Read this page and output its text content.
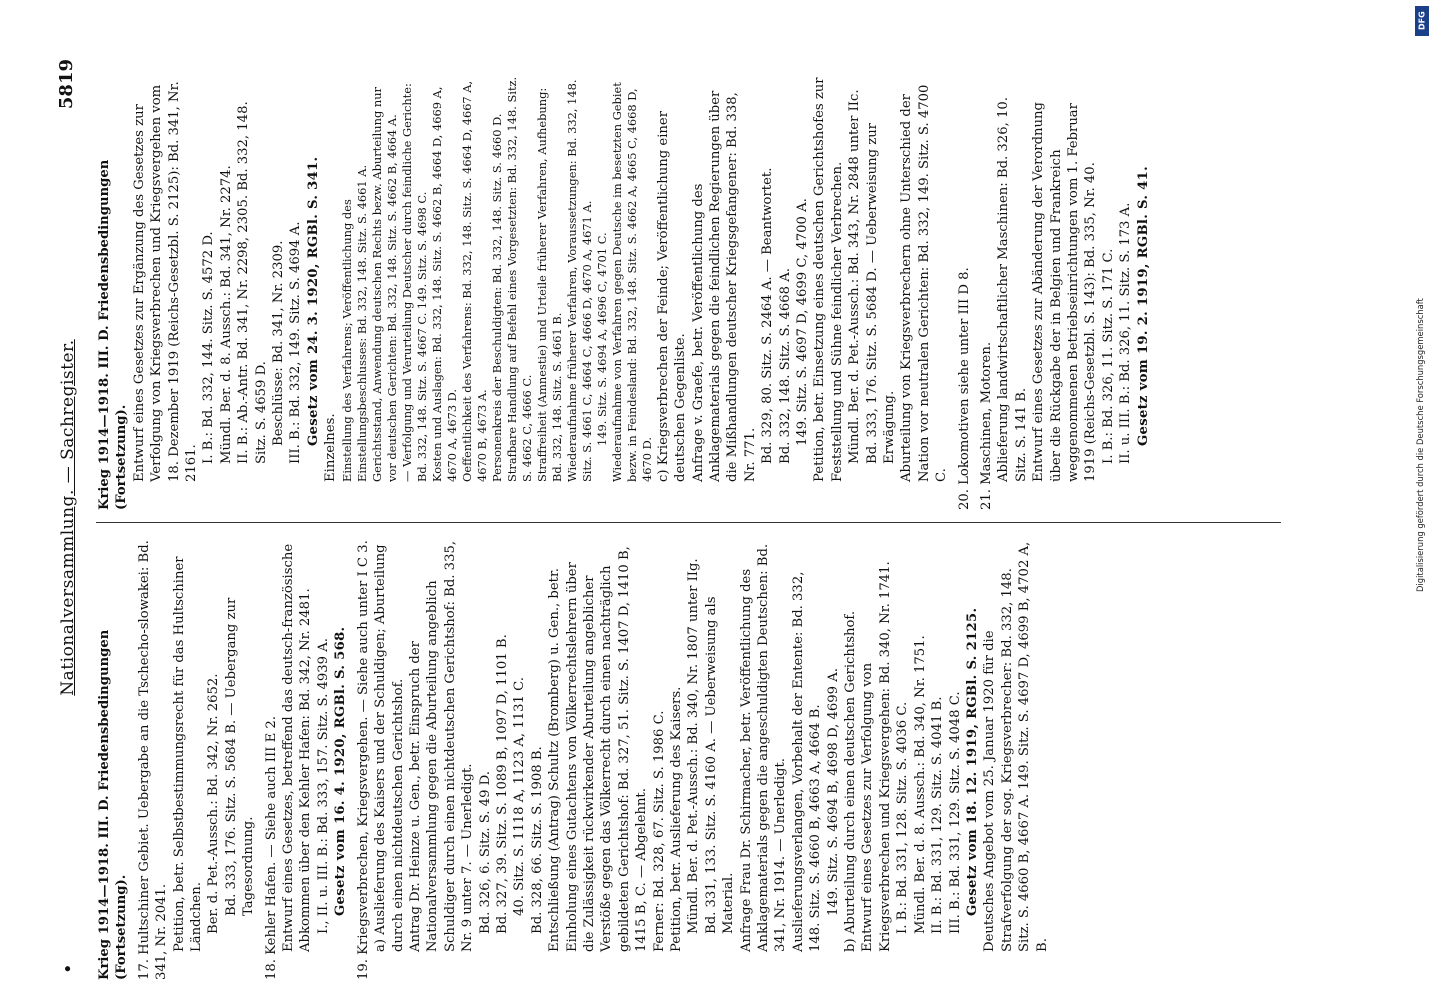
•
Nationalversammlung. — Sachregister.
5819

Krieg 1914—1918. III. D. Friedensbedingungen (Fortsetzung). 17. Hultschiner Gebiet. Uebergabe an die Tschecho-slowakei: Bd. 341, Nr. 2041. Petition, betr. Selbstbestimmungsrecht für das Hultschiner Ländchen. Ber. d. Pet.-Aussch.: Bd. 342, Nr. 2652. Bd. 333, 176. Sitz. S. 5684 B. — Uebergang zur Tagesordnung. 18. Kehler Hafen. — Siehe auch III E 2. Entwurf eines Gesetzes, betreffend das deutsch-französische Abkommen über den Kehler Hafen: Bd. 342, Nr. 2481. I., II. u. III. B.: Bd. 333, 157. Sitz. S. 4939 A. Gesetz vom 16. 4. 1920, RGBl. S. 568. 19. Kriegsverbrechen, Kriegsvergehen. — Siehe auch unter I C 3. a) Auslieferung des Kaisers und der Schuldigen; Aburteilung durch einen nichtdeutschen Gerichtshof. Antrag Dr. Heinze u. Gen., betr. Einspruch der Nationalversammlung gegen die Aburteilung angeblich Schuldiger durch einen nichtdeutschen Gerichtshof: Bd. 335, Nr. 9 unter 7. — Unerledigt. Bd. 326, 6. Sitz. S. 49 D. Bd. 327, 39. Sitz. S. 1089 B, 1097 D, 1101 B. 40. Sitz. S. 1118 A, 1123 A, 1131 C. Bd. 328, 66. Sitz. S. 1908 B. Entschließung (Antrag) Schultz (Bromberg) u. Gen., betr. Einholung eines Gutachtens von Völkerrechtslehrern über die Zulässigkeit rückwirkender Aburteilung angeblicher Verstöße gegen das Völkerrecht durch einen nachträglich gebildeten Gerichtshof: Bd. 327, 51. Sitz. S. 1407 D, 1410 B, 1415 B, C. — Abgelehnt. Ferner: Bd. 328, 67. Sitz. S. 1986 C. Petition, betr. Auslieferung des Kaisers. Mündl. Ber. d. Pet.-Aussch.: Bd. 340, Nr. 1807 unter IIg. Bd. 331, 133. Sitz. S. 4160 A. — Ueberweisung als Material. Anfrage Frau Dr. Schirmacher, betr. Veröffentlichung des Anklagematerials gegen die angeschuldigten Deutschen: Bd. 341, Nr. 1914. — Unerledigt. Auslieferungsverlangen, Vorbehalt der Entente: Bd. 332, 148. Sitz. S. 4660 B, 4663 A, 4664 B. 149. Sitz. S. 4694 B, 4698 D, 4699 A. b) Aburteilung durch einen deutschen Gerichtshof. Entwurf eines Gesetzes zur Verfolgung von Kriegsverbrechen und Kriegsvergehen: Bd. 340, Nr. 1741. I. B.: Bd. 331, 128. Sitz. S. 4036 C. Mündl. Ber. d. 8. Aussch.: Bd. 340, Nr. 1751. II. B.: Bd. 331, 129. Sitz. S. 4041 B. III. B.: Bd. 331, 129. Sitz. S. 4048 C. Gesetz vom 18. 12. 1919, RGBl. S. 2125. Deutsches Angebot vom 25. Januar 1920 für die Strafverfolgung der sog. Kriegsverbrecher: Bd. 332, 148. Sitz. S. 4660 B, 4667 A. 149. Sitz. S. 4697 D, 4699 B, 4702 A, B.

Krieg 1914—1918. III. D. Friedensbedingungen (Fortsetzung). Entwurf eines Gesetzes zur Ergänzung des Gesetzes zur Verfolgung von Kriegsverbrechen und Kriegsvergehen vom 18. Dezember 1919 (Reichs-Gesetzbl. S. 2125): Bd. 341, Nr. 2161. I. B.: Bd. 332, 144. Sitz. S. 4572 D. Mündl. Ber. d. 8. Aussch.: Bd. 341, Nr. 2274. II. B.: Ab.-Antr. Bd. 341, Nr. 2298, 2305. Bd. 332, 148. Sitz. S. 4659 D. Beschlüsse: Bd. 341, Nr. 2309. III. B.: Bd. 332, 149. Sitz. S. 4694 A. Gesetz vom 24. 3. 1920, RGBl. S. 341.

Einzelnes. Einstellung des Verfahrens; Veröffentlichung des Einstellungsbeschlusses: Bd. 332, 148. Sitz. S. 4661 A. Gerichtsstand, Anwendung deutschen Rechts bezw. Aburteilung nur vor deutschen Gerichten: Bd. 332, 148. Sitz. S. 4662 B, 4664 A. — Verfolgung und Verurteilung Deutscher durch feindliche Gerichte: Bd. 332, 148. Sitz. S. 4667 C. 149. Sitz. S. 4698 C. Kosten und Auslagen: Bd. 332, 148. Sitz. S. 4662 B, 4664 D, 4669 A, 4670 A, 4673 D. Oeffentlichkeit des Verfahrens: Bd. 332, 148. Sitz. S. 4664 D, 4667 A, 4670 B, 4673 A. Personenkreis der Beschuldigten: Bd. 332, 148. Sitz. S. 4660 D. Strafbare Handlung auf Befehl eines Vorgesetzten: Bd. 332, 148. Sitz. S. 4662 C, 4666 C. Straffreiheit (Amnestie) und Urteile früherer Verfahren, Aufhebung: Bd. 332, 148. Sitz. S. 4661 B. Wiederaufnahme früherer Verfahren, Voraussetzungen: Bd. 332, 148. Sitz. S. 4661 C, 4664 C, 4666 D, 4670 A, 4671 A. 149. Sitz. S. 4694 A, 4696 C, 4701 C. Wiederaufnahme von Verfahren gegen Deutsche im besetzten Gebiet bezw. in Feindesland: Bd. 332, 148. Sitz. S. 4662 A, 4665 C, 4668 D, 4670 D. c) Kriegsverbrechen der Feinde; Veröffentlichung einer deutschen Gegenliste. Anfrage v. Graefe, betr. Veröffentlichung des Anklagematerials gegen die feindlichen Regierungen über die Mißhandlungen deutscher Kriegsgefangener: Bd. 338, Nr. 771. Bd. 329, 80. Sitz. S. 2464 A. — Beantwortet. Bd. 332, 148. Sitz. S. 4668 A. 149. Sitz. S. 4697 D, 4699 C, 4700 A. Petition, betr. Einsetzung eines deutschen Gerichtshofes zur Feststellung und Sühne feindlicher Verbrechen. Mündl. Ber. d. Pet.-Aussch.: Bd. 343, Nr. 2848 unter IIc. Bd. 333, 176. Sitz. S. 5684 D. — Ueberweisung zur Erwägung. Aburteilung von Kriegsverbrechern ohne Unterschied der Nation vor neutralen Gerichten: Bd. 332, 149. Sitz. S. 4700 C. 20. Lokomotiven siehe unter III D 8. 21. Maschinen, Motoren. Ablieferung landwirtschaftlicher Maschinen: Bd. 326, 10. Sitz. S. 141 B. Entwurf eines Gesetzes zur Abänderung der Verordnung über die Rückgabe der in Belgien und Frankreich weggenommenen Betriebseinrichtungen vom 1. Februar 1919 (Reichs-Gesetzbl. S. 143): Bd. 335, Nr. 40. I. B.: Bd. 326, 11. Sitz. S. 171 C. II. u. III. B.: Bd. 326, 11. Sitz. S. 173 A. Gesetz vom 19. 2. 1919, RGBl. S. 41.

DFG
Digitalisierung gefördert durch die Deutsche Forschungsgemeinschaft
